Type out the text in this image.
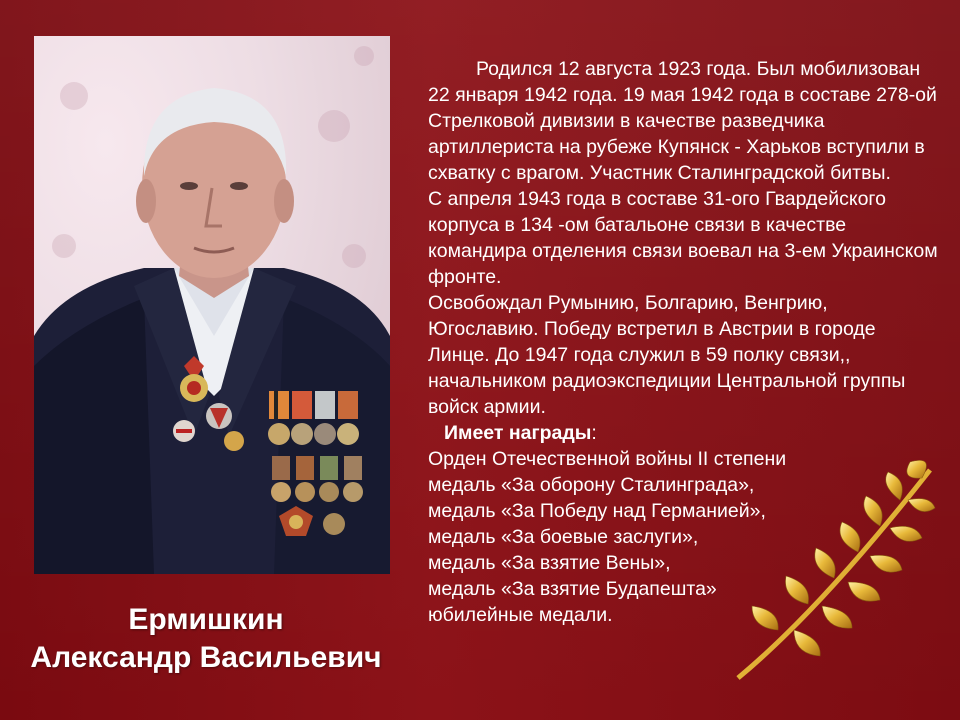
Ермишкин
Александр Васильевич

Родился 12 августа 1923 года. Был мобилизован 22 января 1942 года. 19 мая 1942 года в составе 278-ой Стрелковой дивизии в качестве разведчика артиллериста на рубеже Купянск - Харьков вступили в схватку с врагом. Участник Сталинградской битвы.

С апреля 1943 года в составе 31-ого Гвардейского корпуса в 134 -ом батальоне связи в качестве командира отделения связи воевал на 3-ем Украинском фронте.

Освобождал Румынию, Болгарию, Венгрию, Югославию. Победу встретил в Австрии в городе Линце. До 1947 года служил в 59 полку связи,, начальником радиоэкспедиции Центральной группы войск армии.

Имеет награды:

Орден Отечественной войны II степени

медаль «За оборону Сталинграда»,

медаль «За Победу над Германией»,

медаль «За боевые заслуги»,

медаль «За взятие Вены»,

медаль «За взятие Будапешта»

юбилейные медали.
